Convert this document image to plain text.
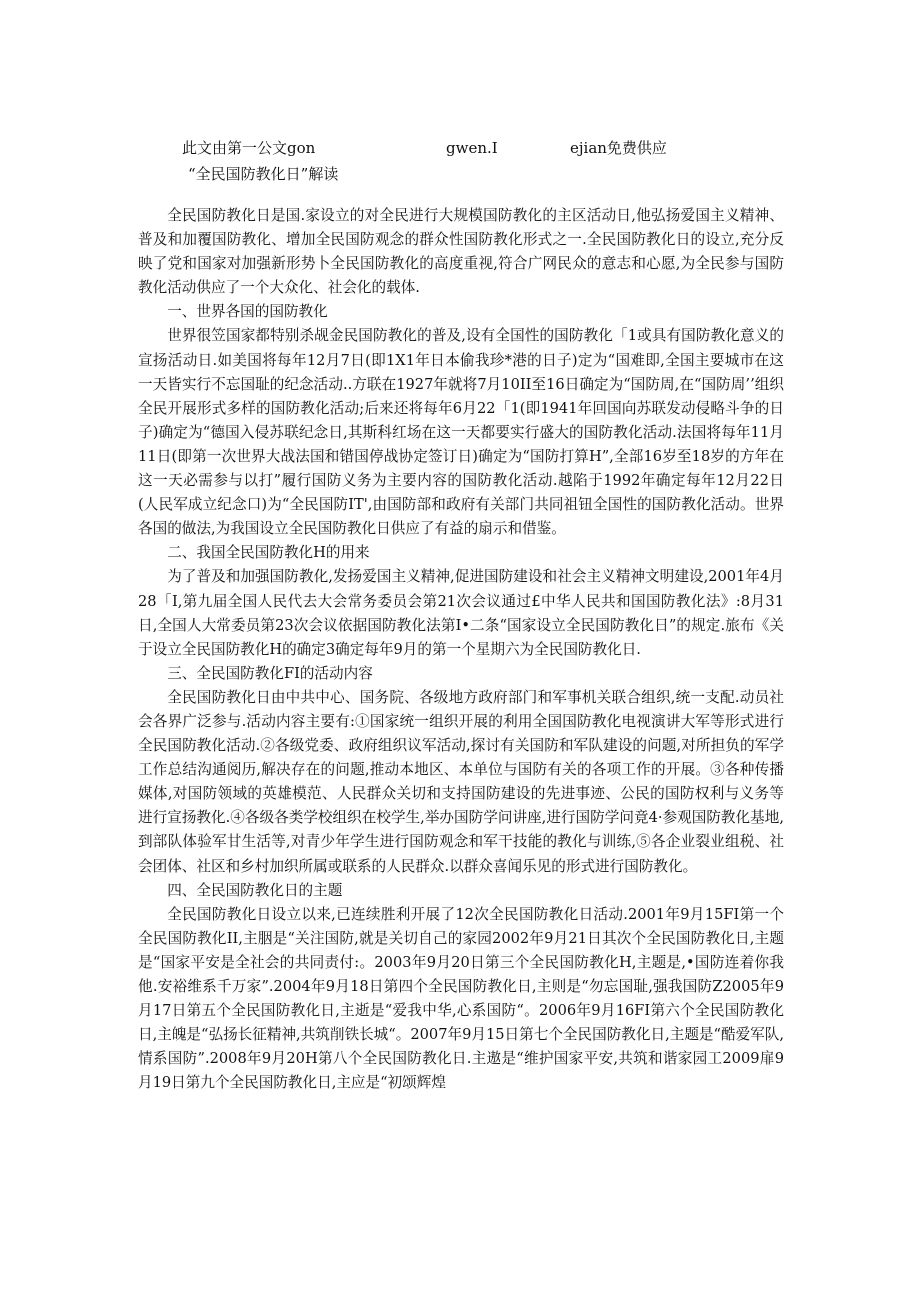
此文由第一公文gon	gwen.I	ejian免费供应
“全民国防教化日”解读

全民国防教化日是国.家设立的对全民进行大规模国防教化的主区活动日,他弘扬爱国主义精神、普及和加覆国防教化、增加全民国防观念的群众性国防教化形式之一.全民国防教化日的设立,充分反映了党和国家对加强新形势卜全民国防教化的高度重视,符合广网民众的意志和心愿,为全民参与国防教化活动供应了一个大众化、社会化的载体.

一、世界各国的国防教化

世界很笠国家都特别杀觇金民国防教化的普及,设有全国性的国防教化「1或具有国防教化意义的宣扬活动日.如美国将每年12月7日(即1X1年日本偷我珍*港的日子)定为“国难即,全国主要城市在这一天皆实行不忘国耻的纪念活动..方联在1927年就将7月10II至16日确定为“国防周,在“国防周’’组织全民开展形式多样的国防教化活动;后来还将每年6月22「1(即1941年回国向苏联发动侵略斗争的日子)确定为“德国入侵苏联纪念日,其斯科红场在这一天都要实行盛大的国防教化活动.法国将每年11月11日(即第一次世界大战法国和错国停战协定签订日)确定为“国防打算H”,全部16岁至18岁的方年在这一天必需参与以打”履行国防义务为主要内容的国防教化活动.越陷于1992年确定每年12月22日(人民军成立纪念口)为“全民国防IT',由国防部和政府有关部门共同祖钮全国性的国防教化活动。世界各国的做法,为我国设立全民国防教化日供应了有益的扇示和借鉴。

二、我国全民国防教化H的用来

为了普及和加强国防教化,发扬爱国主义精神,促进国防建设和社会主义精神文明建设,2001年4月28「I,第九届全国人民代去大会常务委员会第21次会议通过£中华人民共和国国防教化法》:8月31日,全国人大常委员第23次会议依据国防教化法第I•二条“国家设立全民国防教化日”的规定.旅布《关于设立全民国防教化H的确定3确定每年9月的第一个星期六为全民国防教化日.

三、全民国防教化FI的活动内容

全民国防教化日由中共中心、国务院、各级地方政府部门和军事机关联合组织,统一支配.动员社会各界广泛参与.活动内容主要有:①国家统一组织开展的利用全国国防教化电视演讲大军等形式进行全民国防教化活动.②各级党委、政府组织议军活动,探讨有关国防和军队建设的问题,对所担负的军学工作总结沟通阅历,解决存在的问题,推动本地区、本单位与国防有关的各项工作的开展。③各种传播媒体,对国防领域的英雄模范、人民群众关切和支持国防建设的先进事迹、公民的国防权利与义务等进行宣扬教化.④各级各类学校组织在校学生,举办国防学问讲座,进行国防学问竟4·参观国防教化基地,到部队体验军甘生活等,对青少年学生进行国防观念和军干技能的教化与训练,⑤各企业裂业组税、社会团体、社区和乡村加织所属或联系的人民群众.以群众喜闻乐见的形式进行国防教化。

四、全民国防教化日的主题

全民国防教化日设立以来,已连续胜利开展了12次全民国防教化日活动.2001年9月15FI第一个全民国防教化II,主胭是“关注国防,就是关切自己的家园2002年9月21日其次个全民国防教化日,主题是“国家平安是全社会的共同责付:。2003年9月20日第三个全民国防教化H,主题是,•国防连着你我他.安裕维系千万家”.2004年9月18日第四个全民国防教化日,主则是“勿忘国耻,强我国防Z2005年9月17日第五个全民国防教化日,主逝是“爱我中华,心系国防“。2006年9月16FI第六个全民国防教化日,主魄是“弘扬长征精神,共筑削铁长城“。2007年9月15日第七个全民国防教化日,主题是“酷爱军队,情系国防”.2008年9月20H第八个全民国防教化日.主遨是“维护国家平安,共筑和谐家园工2009扉9月19日第九个全民国防教化日,主应是“初颂辉煌
